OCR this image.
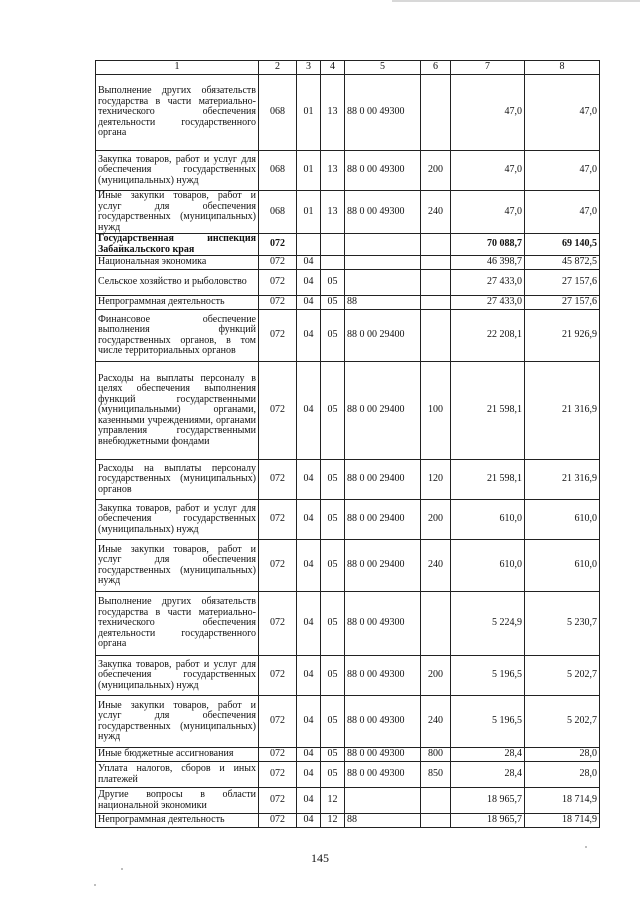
1	2	3	4	5	6	7	8
Выполнение других обязательств государства в части материально-технического обеспечения деятельности государственного органа	068	01	13	88 0 00 49300		47,0	47,0
Закупка товаров, работ и услуг для обеспечения государственных (муниципальных) нужд	068	01	13	88 0 00 49300	200	47,0	47,0
Иные закупки товаров, работ и услуг для обеспечения государственных (муниципальных) нужд	068	01	13	88 0 00 49300	240	47,0	47,0
Государственная инспекция Забайкальского края	072					70 088,7	69 140,5
Национальная экономика	072	04				46 398,7	45 872,5
Сельское хозяйство и рыболовство	072	04	05			27 433,0	27 157,6
Непрограммная деятельность	072	04	05	88		27 433,0	27 157,6
Финансовое обеспечение выполнения функций государственных органов, в том числе территориальных органов	072	04	05	88 0 00 29400		22 208,1	21 926,9
Расходы на выплаты персоналу в целях обеспечения выполнения функций государственными (муниципальными) органами, казенными учреждениями, органами управления государственными внебюджетными фондами	072	04	05	88 0 00 29400	100	21 598,1	21 316,9
Расходы на выплаты персоналу государственных (муниципальных) органов	072	04	05	88 0 00 29400	120	21 598,1	21 316,9
Закупка товаров, работ и услуг для обеспечения государственных (муниципальных) нужд	072	04	05	88 0 00 29400	200	610,0	610,0
Иные закупки товаров, работ и услуг для обеспечения государственных (муниципальных) нужд	072	04	05	88 0 00 29400	240	610,0	610,0
Выполнение других обязательств государства в части материально-технического обеспечения деятельности государственного органа	072	04	05	88 0 00 49300		5 224,9	5 230,7
Закупка товаров, работ и услуг для обеспечения государственных (муниципальных) нужд	072	04	05	88 0 00 49300	200	5 196,5	5 202,7
Иные закупки товаров, работ и услуг для обеспечения государственных (муниципальных) нужд	072	04	05	88 0 00 49300	240	5 196,5	5 202,7
Иные бюджетные ассигнования	072	04	05	88 0 00 49300	800	28,4	28,0
Уплата налогов, сборов и иных платежей	072	04	05	88 0 00 49300	850	28,4	28,0
Другие вопросы в области национальной экономики	072	04	12			18 965,7	18 714,9
Непрограммная деятельность	072	04	12	88		18 965,7	18 714,9
145
